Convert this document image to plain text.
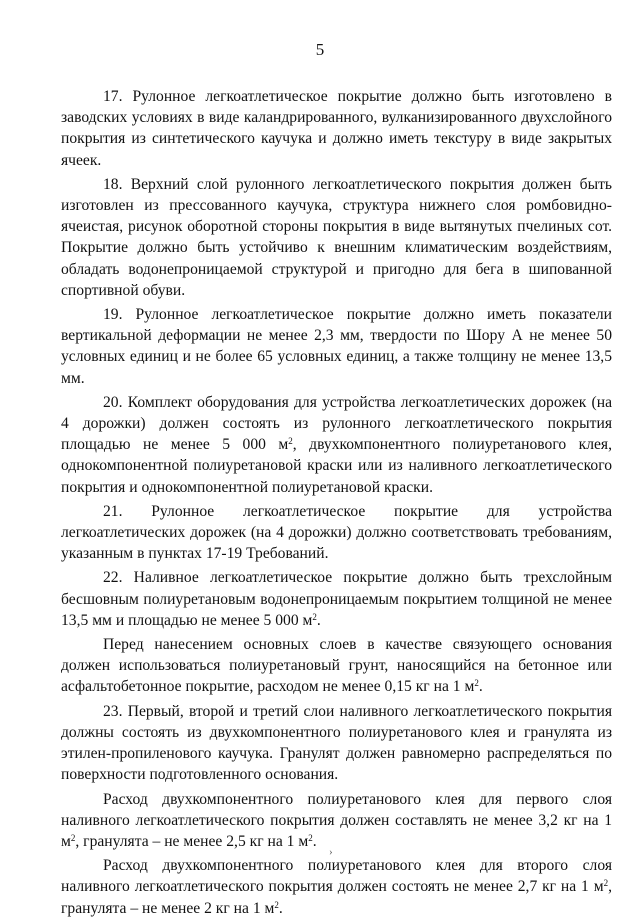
5

17. Рулонное легкоатлетическое покрытие должно быть изготовлено в заводских условиях в виде каландрированного, вулканизированного двухслойного покрытия из синтетического каучука и должно иметь текстуру в виде закрытых ячеек.

18. Верхний слой рулонного легкоатлетического покрытия должен быть изготовлен из прессованного каучука, структура нижнего слоя ромбовидно-ячеистая, рисунок оборотной стороны покрытия в виде вытянутых пчелиных сот. Покрытие должно быть устойчиво к внешним климатическим воздействиям, обладать водонепроницаемой структурой и пригодно для бега в шипованной спортивной обуви.

19. Рулонное легкоатлетическое покрытие должно иметь показатели вертикальной деформации не менее 2,3 мм, твердости по Шору А не менее 50 условных единиц и не более 65 условных единиц, а также толщину не менее 13,5 мм.

20. Комплект оборудования для устройства легкоатлетических дорожек (на 4 дорожки) должен состоять из рулонного легкоатлетического покрытия площадью не менее 5 000 $м^2$, двухкомпонентного полиуретанового клея, однокомпонентной полиуретановой краски или из наливного легкоатлетического покрытия и однокомпонентной полиуретановой краски.

21. Рулонное легкоатлетическое покрытие для устройства легкоатлетических дорожек (на 4 дорожки) должно соответствовать требованиям, указанным в пунктах 17-19 Требований.

22. Наливное легкоатлетическое покрытие должно быть трехслойным бесшовным полиуретановым водонепроницаемым покрытием толщиной не менее 13,5 мм и площадью не менее 5 000 $м^2$.

Перед нанесением основных слоев в качестве связующего основания должен использоваться полиуретановый грунт, наносящийся на бетонное или асфальтобетонное покрытие, расходом не менее 0,15 кг на 1 $м^2$.

23. Первый, второй и третий слои наливного легкоатлетического покрытия должны состоять из двухкомпонентного полиуретанового клея и гранулята из этилен-пропиленового каучука. Гранулят должен равномерно распределяться по поверхности подготовленного основания.

Расход двухкомпонентного полиуретанового клея для первого слоя наливного легкоатлетического покрытия должен составлять не менее 3,2 кг на 1 $м^2$, гранулята – не менее 2,5 кг на 1 $м^2$.

Расход двухкомпонентного полиуретанового клея для второго слоя наливного легкоатлетического покрытия должен состоять не менее 2,7 кг на 1 $м^2$, гранулята – не менее 2 кг на 1 $м^2$.

›
